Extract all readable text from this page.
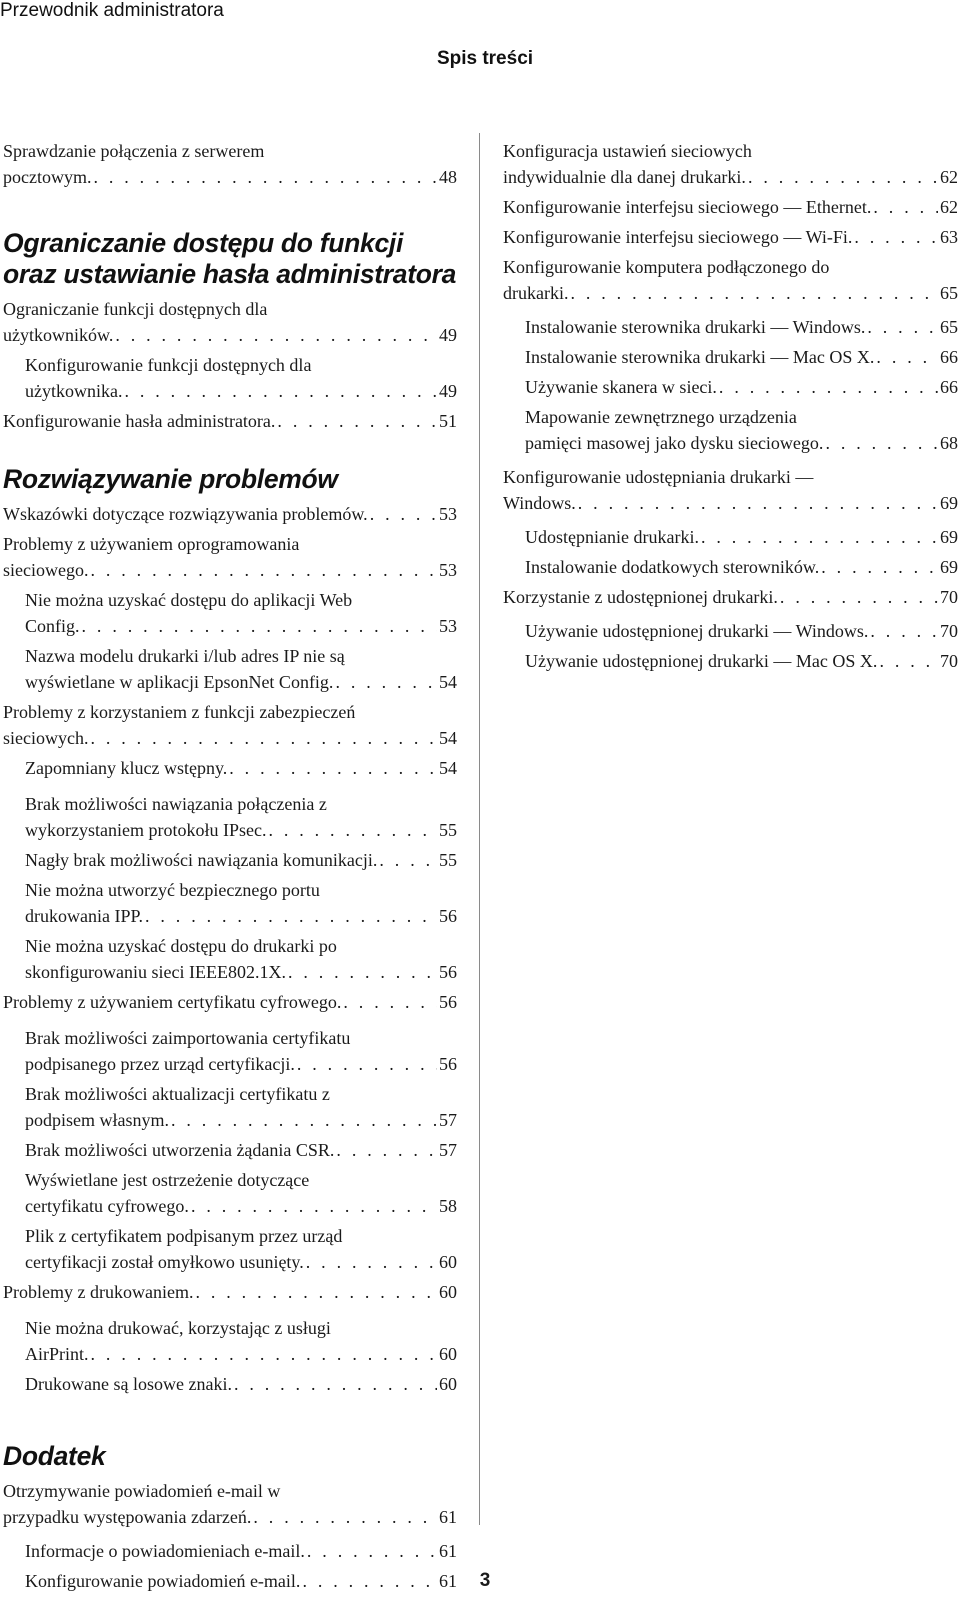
Przewodnik administratora
Spis treści
Sprawdzanie połączenia z serwerem
pocztowym. . . .	48
Ograniczanie dostępu do funkcji oraz ustawianie hasła administratora
Ograniczanie funkcji dostępnych dla
użytkowników. . . .	49
Konfigurowanie funkcji dostępnych dla
użytkownika. . . .	49
Konfigurowanie hasła administratora. . . .	51
Rozwiązywanie problemów
Wskazówki dotyczące rozwiązywania problemów. . . .	53
Problemy z używaniem oprogramowania
sieciowego. . . .	53
Nie można uzyskać dostępu do aplikacji Web
Config. . . .	53
Nazwa modelu drukarki i/lub adres IP nie są
wyświetlane w aplikacji EpsonNet Config. . . .	54
Problemy z korzystaniem z funkcji zabezpieczeń
sieciowych. . . .	54
Zapomniany klucz wstępny. . . .	54
Brak możliwości nawiązania połączenia z
wykorzystaniem protokołu IPsec. . . .	55
Nagły brak możliwości nawiązania komunikacji. . . .	55
Nie można utworzyć bezpiecznego portu
drukowania IPP. . . .	56
Nie można uzyskać dostępu do drukarki po
skonfigurowaniu sieci IEEE802.1X. . . .	56
Problemy z używaniem certyfikatu cyfrowego. . . .	56
Brak możliwości zaimportowania certyfikatu
podpisanego przez urząd certyfikacji. . . .	56
Brak możliwości aktualizacji certyfikatu z
podpisem własnym. . . .	57
Brak możliwości utworzenia żądania CSR. . . .	57
Wyświetlane jest ostrzeżenie dotyczące
certyfikatu cyfrowego. . . .	58
Plik z certyfikatem podpisanym przez urząd
certyfikacji został omyłkowo usunięty. . . .	60
Problemy z drukowaniem. . . .	60
Nie można drukować, korzystając z usługi
AirPrint. . . .	60
Drukowane są losowe znaki. . . .	60
Dodatek
Otrzymywanie powiadomień e-mail w
przypadku występowania zdarzeń. . . .	61
Informacje o powiadomieniach e-mail. . . .	61
Konfigurowanie powiadomień e-mail. . . .	61
Konfiguracja ustawień sieciowych
indywidualnie dla danej drukarki. . . .	62
Konfigurowanie interfejsu sieciowego — Ethernet. . . .	62
Konfigurowanie interfejsu sieciowego — Wi-Fi. . . .	63
Konfigurowanie komputera podłączonego do
drukarki. . . .	65
Instalowanie sterownika drukarki — Windows. . . .	65
Instalowanie sterownika drukarki — Mac OS X. . . .	66
Używanie skanera w sieci. . . .	66
Mapowanie zewnętrznego urządzenia
pamięci masowej jako dysku sieciowego. . . .	68
Konfigurowanie udostępniania drukarki —
Windows. . . .	69
Udostępnianie drukarki. . . .	69
Instalowanie dodatkowych sterowników. . . .	69
Korzystanie z udostępnionej drukarki. . . .	70
Używanie udostępnionej drukarki — Windows. . . .	70
Używanie udostępnionej drukarki — Mac OS X. . . .	70
3
